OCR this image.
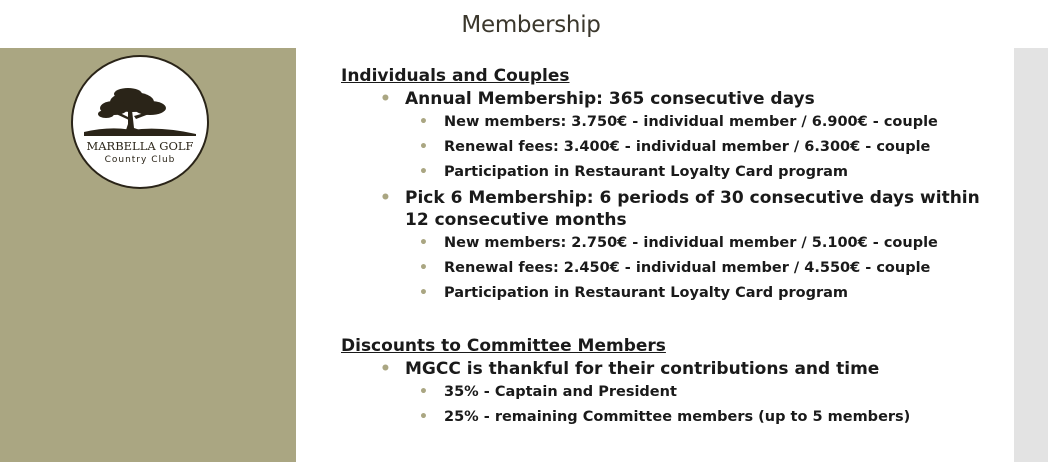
Membership
MARBELLA GOLF
Country Club
Individuals and Couples
• Annual Membership: 365 consecutive days
• New members: 3.750€ - individual member / 6.900€ - couple
• Renewal fees: 3.400€ - individual member / 6.300€ - couple
• Participation in Restaurant Loyalty Card program
• Pick 6 Membership: 6 periods of 30 consecutive days within 12 consecutive months
• New members: 2.750€ - individual member / 5.100€ - couple
• Renewal fees: 2.450€ - individual member / 4.550€ - couple
• Participation in Restaurant Loyalty Card program
Discounts to Committee Members
• MGCC is thankful for their contributions and time
• 35% - Captain and President
• 25% - remaining Committee members (up to 5 members)
